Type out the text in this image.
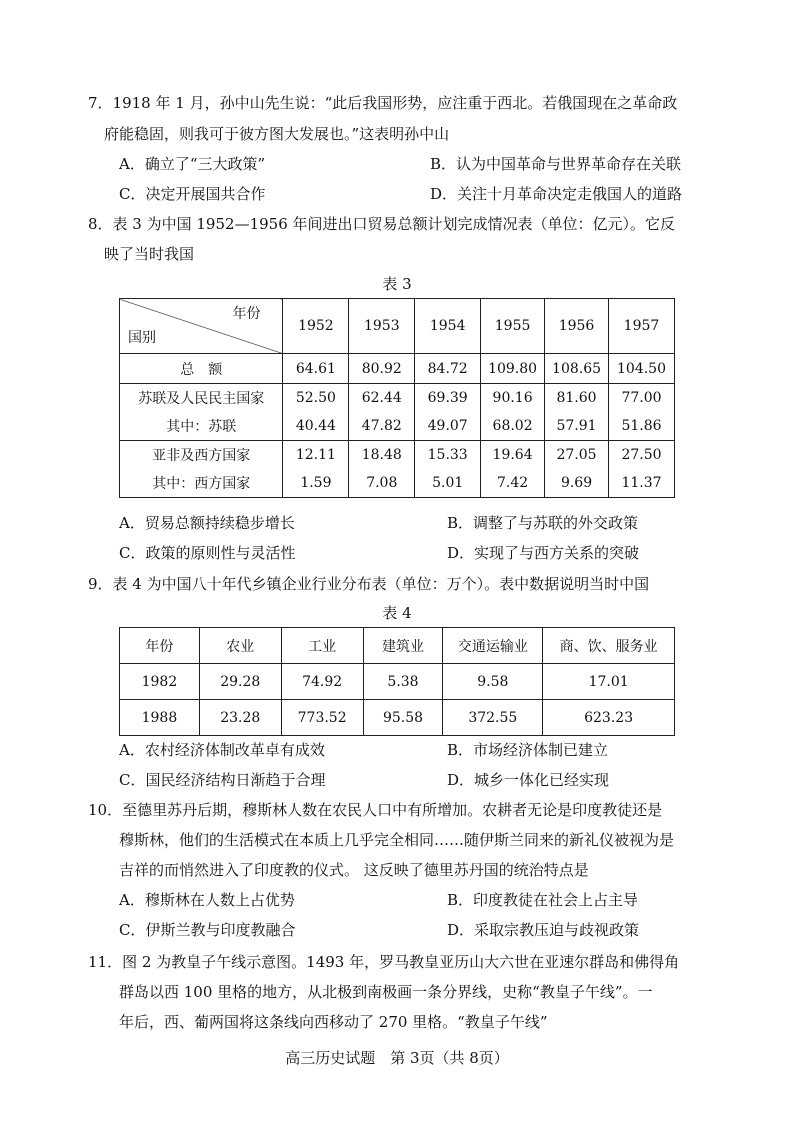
7．1918 年 1 月，孙中山先生说：“此后我国形势，应注重于西北。若俄国现在之革命政
府能稳固，则我可于彼方图大发展也。”这表明孙中山
A．确立了“三大政策”	B．认为中国革命与世界革命存在关联
C．决定开展国共合作	D．关注十月革命决定走俄国人的道路
8．表 3 为中国 1952—1956 年间进出口贸易总额计划完成情况表（单位：亿元）。它反
映了当时我国
表 3
年份
国别	1952	1953	1954	1955	1956	1957
总　额	64.61	80.92	84.72	109.80	108.65	104.50
苏联及人民民主国家	52.50	62.44	69.39	90.16	81.60	77.00
其中：苏联	40.44	47.82	49.07	68.02	57.91	51.86
亚非及西方国家	12.11	18.48	15.33	19.64	27.05	27.50
其中：西方国家	1.59	7.08	5.01	7.42	9.69	11.37
A．贸易总额持续稳步增长	B．调整了与苏联的外交政策
C．政策的原则性与灵活性	D．实现了与西方关系的突破
9．表 4 为中国八十年代乡镇企业行业分布表（单位：万个）。表中数据说明当时中国
表 4
年份	农业	工业	建筑业	交通运输业	商、饮、服务业
1982	29.28	74.92	5.38	9.58	17.01
1988	23.28	773.52	95.58	372.55	623.23
A．农村经济体制改革卓有成效	B．市场经济体制已建立
C．国民经济结构日渐趋于合理	D．城乡一体化已经实现
10．至德里苏丹后期，穆斯林人数在农民人口中有所增加。农耕者无论是印度教徒还是
穆斯林，他们的生活模式在本质上几乎完全相同……随伊斯兰同来的新礼仪被视为是
吉祥的而悄然进入了印度教的仪式。 这反映了德里苏丹国的统治特点是
A．穆斯林在人数上占优势	B．印度教徒在社会上占主导
C．伊斯兰教与印度教融合	D．采取宗教压迫与歧视政策
11．图 2 为教皇子午线示意图。1493 年，罗马教皇亚历山大六世在亚速尔群岛和佛得角
群岛以西 100 里格的地方，从北极到南极画一条分界线，史称“教皇子午线”。一
年后，西、葡两国将这条线向西移动了 270 里格。“教皇子午线”
高三历史试题　第 3页（共 8页）
